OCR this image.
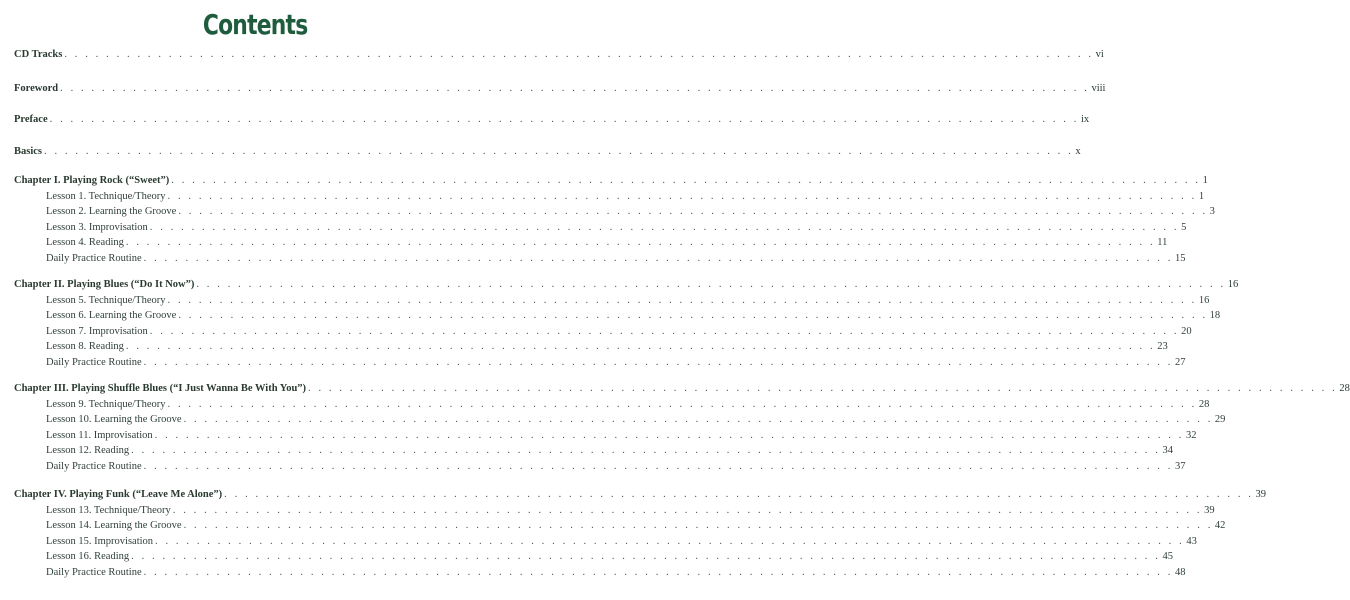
Contents
CD Tracks . . . . . . . . . . . . . . . . . . . . . . . . . . . . . . . . . . . . . . . . . . . . . . . . . . . . . . . . . . . . . . . . . . . . . . . . . . . . . . . . . . . . . . . . . . . . . . . . . . . vi
Foreword . . . . . . . . . . . . . . . . . . . . . . . . . . . . . . . . . . . . . . . . . . . . . . . . . . . . . . . . . . . . . . . . . . . . . . . . . . . . . . . . . . . . . . . . . . . . . . . . . . . viii
Preface . . . . . . . . . . . . . . . . . . . . . . . . . . . . . . . . . . . . . . . . . . . . . . . . . . . . . . . . . . . . . . . . . . . . . . . . . . . . . . . . . . . . . . . . . . . . . . . . . . . ix
Basics . . . . . . . . . . . . . . . . . . . . . . . . . . . . . . . . . . . . . . . . . . . . . . . . . . . . . . . . . . . . . . . . . . . . . . . . . . . . . . . . . . . . . . . . . . . . . . . . . . . x
Chapter I. Playing Rock (“Sweet”) . . . . . . . . . . . . . . . . . . . . . . . . . . . . . . . . . . . . . . . . . . . . . . . . . . . . . . . . . . . . . . . . . . . . . . . . . . . . . . . . . . . . . . . . . . . . . . . . . . . 1
Lesson 1. Technique/Theory . . . . . . . . . . . . . . . . . . . . . . . . . . . . . . . . . . . . . . . . . . . . . . . . . . . . . . . . . . . . . . . . . . . . . . . . . . . . . . . . . . . . . . . . . . . . . . . . . . . 1
Lesson 2. Learning the Groove . . . . . . . . . . . . . . . . . . . . . . . . . . . . . . . . . . . . . . . . . . . . . . . . . . . . . . . . . . . . . . . . . . . . . . . . . . . . . . . . . . . . . . . . . . . . . . . . . . . 3
Lesson 3. Improvisation . . . . . . . . . . . . . . . . . . . . . . . . . . . . . . . . . . . . . . . . . . . . . . . . . . . . . . . . . . . . . . . . . . . . . . . . . . . . . . . . . . . . . . . . . . . . . . . . . . . 5
Lesson 4. Reading . . . . . . . . . . . . . . . . . . . . . . . . . . . . . . . . . . . . . . . . . . . . . . . . . . . . . . . . . . . . . . . . . . . . . . . . . . . . . . . . . . . . . . . . . . . . . . . . . . . 11
Daily Practice Routine . . . . . . . . . . . . . . . . . . . . . . . . . . . . . . . . . . . . . . . . . . . . . . . . . . . . . . . . . . . . . . . . . . . . . . . . . . . . . . . . . . . . . . . . . . . . . . . . . . . 15
Chapter II. Playing Blues (“Do It Now”) . . . . . . . . . . . . . . . . . . . . . . . . . . . . . . . . . . . . . . . . . . . . . . . . . . . . . . . . . . . . . . . . . . . . . . . . . . . . . . . . . . . . . . . . . . . . . . . . . . . 16
Lesson 5. Technique/Theory . . . . . . . . . . . . . . . . . . . . . . . . . . . . . . . . . . . . . . . . . . . . . . . . . . . . . . . . . . . . . . . . . . . . . . . . . . . . . . . . . . . . . . . . . . . . . . . . . . . 16
Lesson 6. Learning the Groove . . . . . . . . . . . . . . . . . . . . . . . . . . . . . . . . . . . . . . . . . . . . . . . . . . . . . . . . . . . . . . . . . . . . . . . . . . . . . . . . . . . . . . . . . . . . . . . . . . . 18
Lesson 7. Improvisation . . . . . . . . . . . . . . . . . . . . . . . . . . . . . . . . . . . . . . . . . . . . . . . . . . . . . . . . . . . . . . . . . . . . . . . . . . . . . . . . . . . . . . . . . . . . . . . . . . . 20
Lesson 8. Reading . . . . . . . . . . . . . . . . . . . . . . . . . . . . . . . . . . . . . . . . . . . . . . . . . . . . . . . . . . . . . . . . . . . . . . . . . . . . . . . . . . . . . . . . . . . . . . . . . . . 23
Daily Practice Routine . . . . . . . . . . . . . . . . . . . . . . . . . . . . . . . . . . . . . . . . . . . . . . . . . . . . . . . . . . . . . . . . . . . . . . . . . . . . . . . . . . . . . . . . . . . . . . . . . . . 27
Chapter III. Playing Shuffle Blues (“I Just Wanna Be With You”) . . . . . . . . . . . . . . . . . . . . . . . . . . . . . . . . . . . . . . . . . . . . . . . . . . . . . . . . . . . . . . . . . . . . . . . . . . . . . . . . . . . . . . . . . . . . . . . . . . . 28
Lesson 9. Technique/Theory . . . . . . . . . . . . . . . . . . . . . . . . . . . . . . . . . . . . . . . . . . . . . . . . . . . . . . . . . . . . . . . . . . . . . . . . . . . . . . . . . . . . . . . . . . . . . . . . . . . 28
Lesson 10. Learning the Groove . . . . . . . . . . . . . . . . . . . . . . . . . . . . . . . . . . . . . . . . . . . . . . . . . . . . . . . . . . . . . . . . . . . . . . . . . . . . . . . . . . . . . . . . . . . . . . . . . . . 29
Lesson 11. Improvisation . . . . . . . . . . . . . . . . . . . . . . . . . . . . . . . . . . . . . . . . . . . . . . . . . . . . . . . . . . . . . . . . . . . . . . . . . . . . . . . . . . . . . . . . . . . . . . . . . . . 32
Lesson 12. Reading . . . . . . . . . . . . . . . . . . . . . . . . . . . . . . . . . . . . . . . . . . . . . . . . . . . . . . . . . . . . . . . . . . . . . . . . . . . . . . . . . . . . . . . . . . . . . . . . . . . 34
Daily Practice Routine . . . . . . . . . . . . . . . . . . . . . . . . . . . . . . . . . . . . . . . . . . . . . . . . . . . . . . . . . . . . . . . . . . . . . . . . . . . . . . . . . . . . . . . . . . . . . . . . . . . 37
Chapter IV. Playing Funk (“Leave Me Alone”) . . . . . . . . . . . . . . . . . . . . . . . . . . . . . . . . . . . . . . . . . . . . . . . . . . . . . . . . . . . . . . . . . . . . . . . . . . . . . . . . . . . . . . . . . . . . . . . . . . . 39
Lesson 13. Technique/Theory . . . . . . . . . . . . . . . . . . . . . . . . . . . . . . . . . . . . . . . . . . . . . . . . . . . . . . . . . . . . . . . . . . . . . . . . . . . . . . . . . . . . . . . . . . . . . . . . . . . 39
Lesson 14. Learning the Groove . . . . . . . . . . . . . . . . . . . . . . . . . . . . . . . . . . . . . . . . . . . . . . . . . . . . . . . . . . . . . . . . . . . . . . . . . . . . . . . . . . . . . . . . . . . . . . . . . . . 42
Lesson 15. Improvisation . . . . . . . . . . . . . . . . . . . . . . . . . . . . . . . . . . . . . . . . . . . . . . . . . . . . . . . . . . . . . . . . . . . . . . . . . . . . . . . . . . . . . . . . . . . . . . . . . . . 43
Lesson 16. Reading . . . . . . . . . . . . . . . . . . . . . . . . . . . . . . . . . . . . . . . . . . . . . . . . . . . . . . . . . . . . . . . . . . . . . . . . . . . . . . . . . . . . . . . . . . . . . . . . . . . 45
Daily Practice Routine . . . . . . . . . . . . . . . . . . . . . . . . . . . . . . . . . . . . . . . . . . . . . . . . . . . . . . . . . . . . . . . . . . . . . . . . . . . . . . . . . . . . . . . . . . . . . . . . . . . 48
